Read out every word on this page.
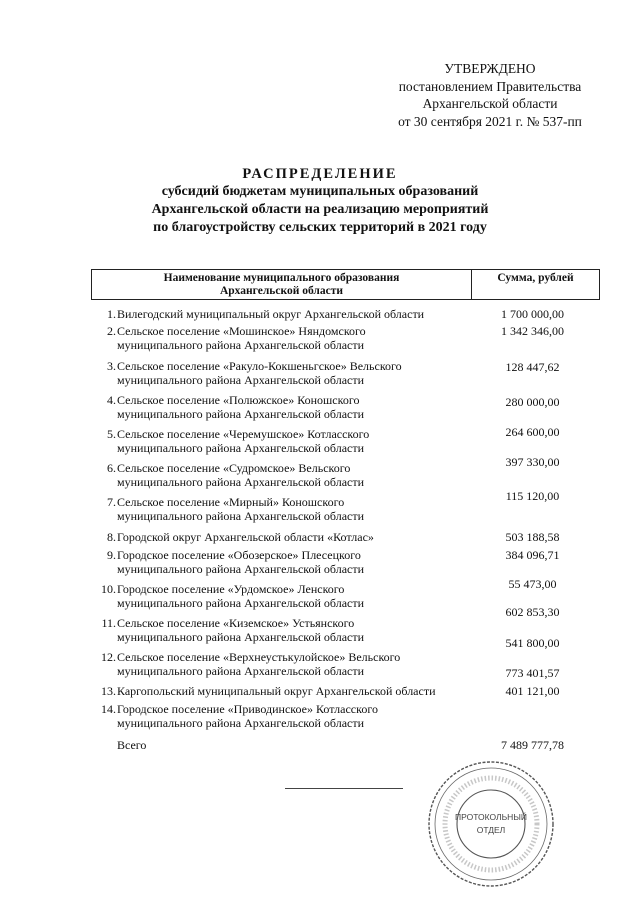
УТВЕРЖДЕНО
постановлением Правительства
Архангельской области
от 30 сентября 2021 г. № 537-пп
РАСПРЕДЕЛЕНИЕ
субсидий бюджетам муниципальных образований
Архангельской области на реализацию мероприятий
по благоустройству сельских территорий в 2021 году
Наименование муниципального образования
Архангельской области
Сумма, рублей
1. Вилегодский муниципальный округ Архангельской области
2. Сельское поселение «Мошинское» Няндомского
муниципального района Архангельской области
3. Сельское поселение «Ракуло-Кокшеньгское» Вельского
муниципального района Архангельской области
4. Сельское поселение «Полюжское» Коношского
муниципального района Архангельской области
5. Сельское поселение «Черемушское» Котласского
муниципального района Архангельской области
6. Сельское поселение «Судромское» Вельского
муниципального района Архангельской области
7. Сельское поселение «Мирный» Коношского
муниципального района Архангельской области
8. Городской округ Архангельской области «Котлас»
9. Городское поселение «Обозерское» Плесецкого
муниципального района Архангельской области
10. Городское поселение «Урдомское» Ленского
муниципального района Архангельской области
11. Сельское поселение «Киземское» Устьянского
муниципального района Архангельской области
12. Сельское поселение «Верхнеустькулойское» Вельского
муниципального района Архангельской области
13. Каргопольский муниципальный округ Архангельской области
14. Городское поселение «Приводинское» Котласского
муниципального района Архангельской области
1 700 000,00
1 342 346,00
128 447,62
280 000,00
264 600,00
397 330,00
115 120,00
503 188,58
384 096,71
55 473,00
602 853,30
541 800,00
773 401,57
401 121,00
Всего	7 489 777,78
ПРОТОКОЛЬНЫЙ
ОТДЕЛ
